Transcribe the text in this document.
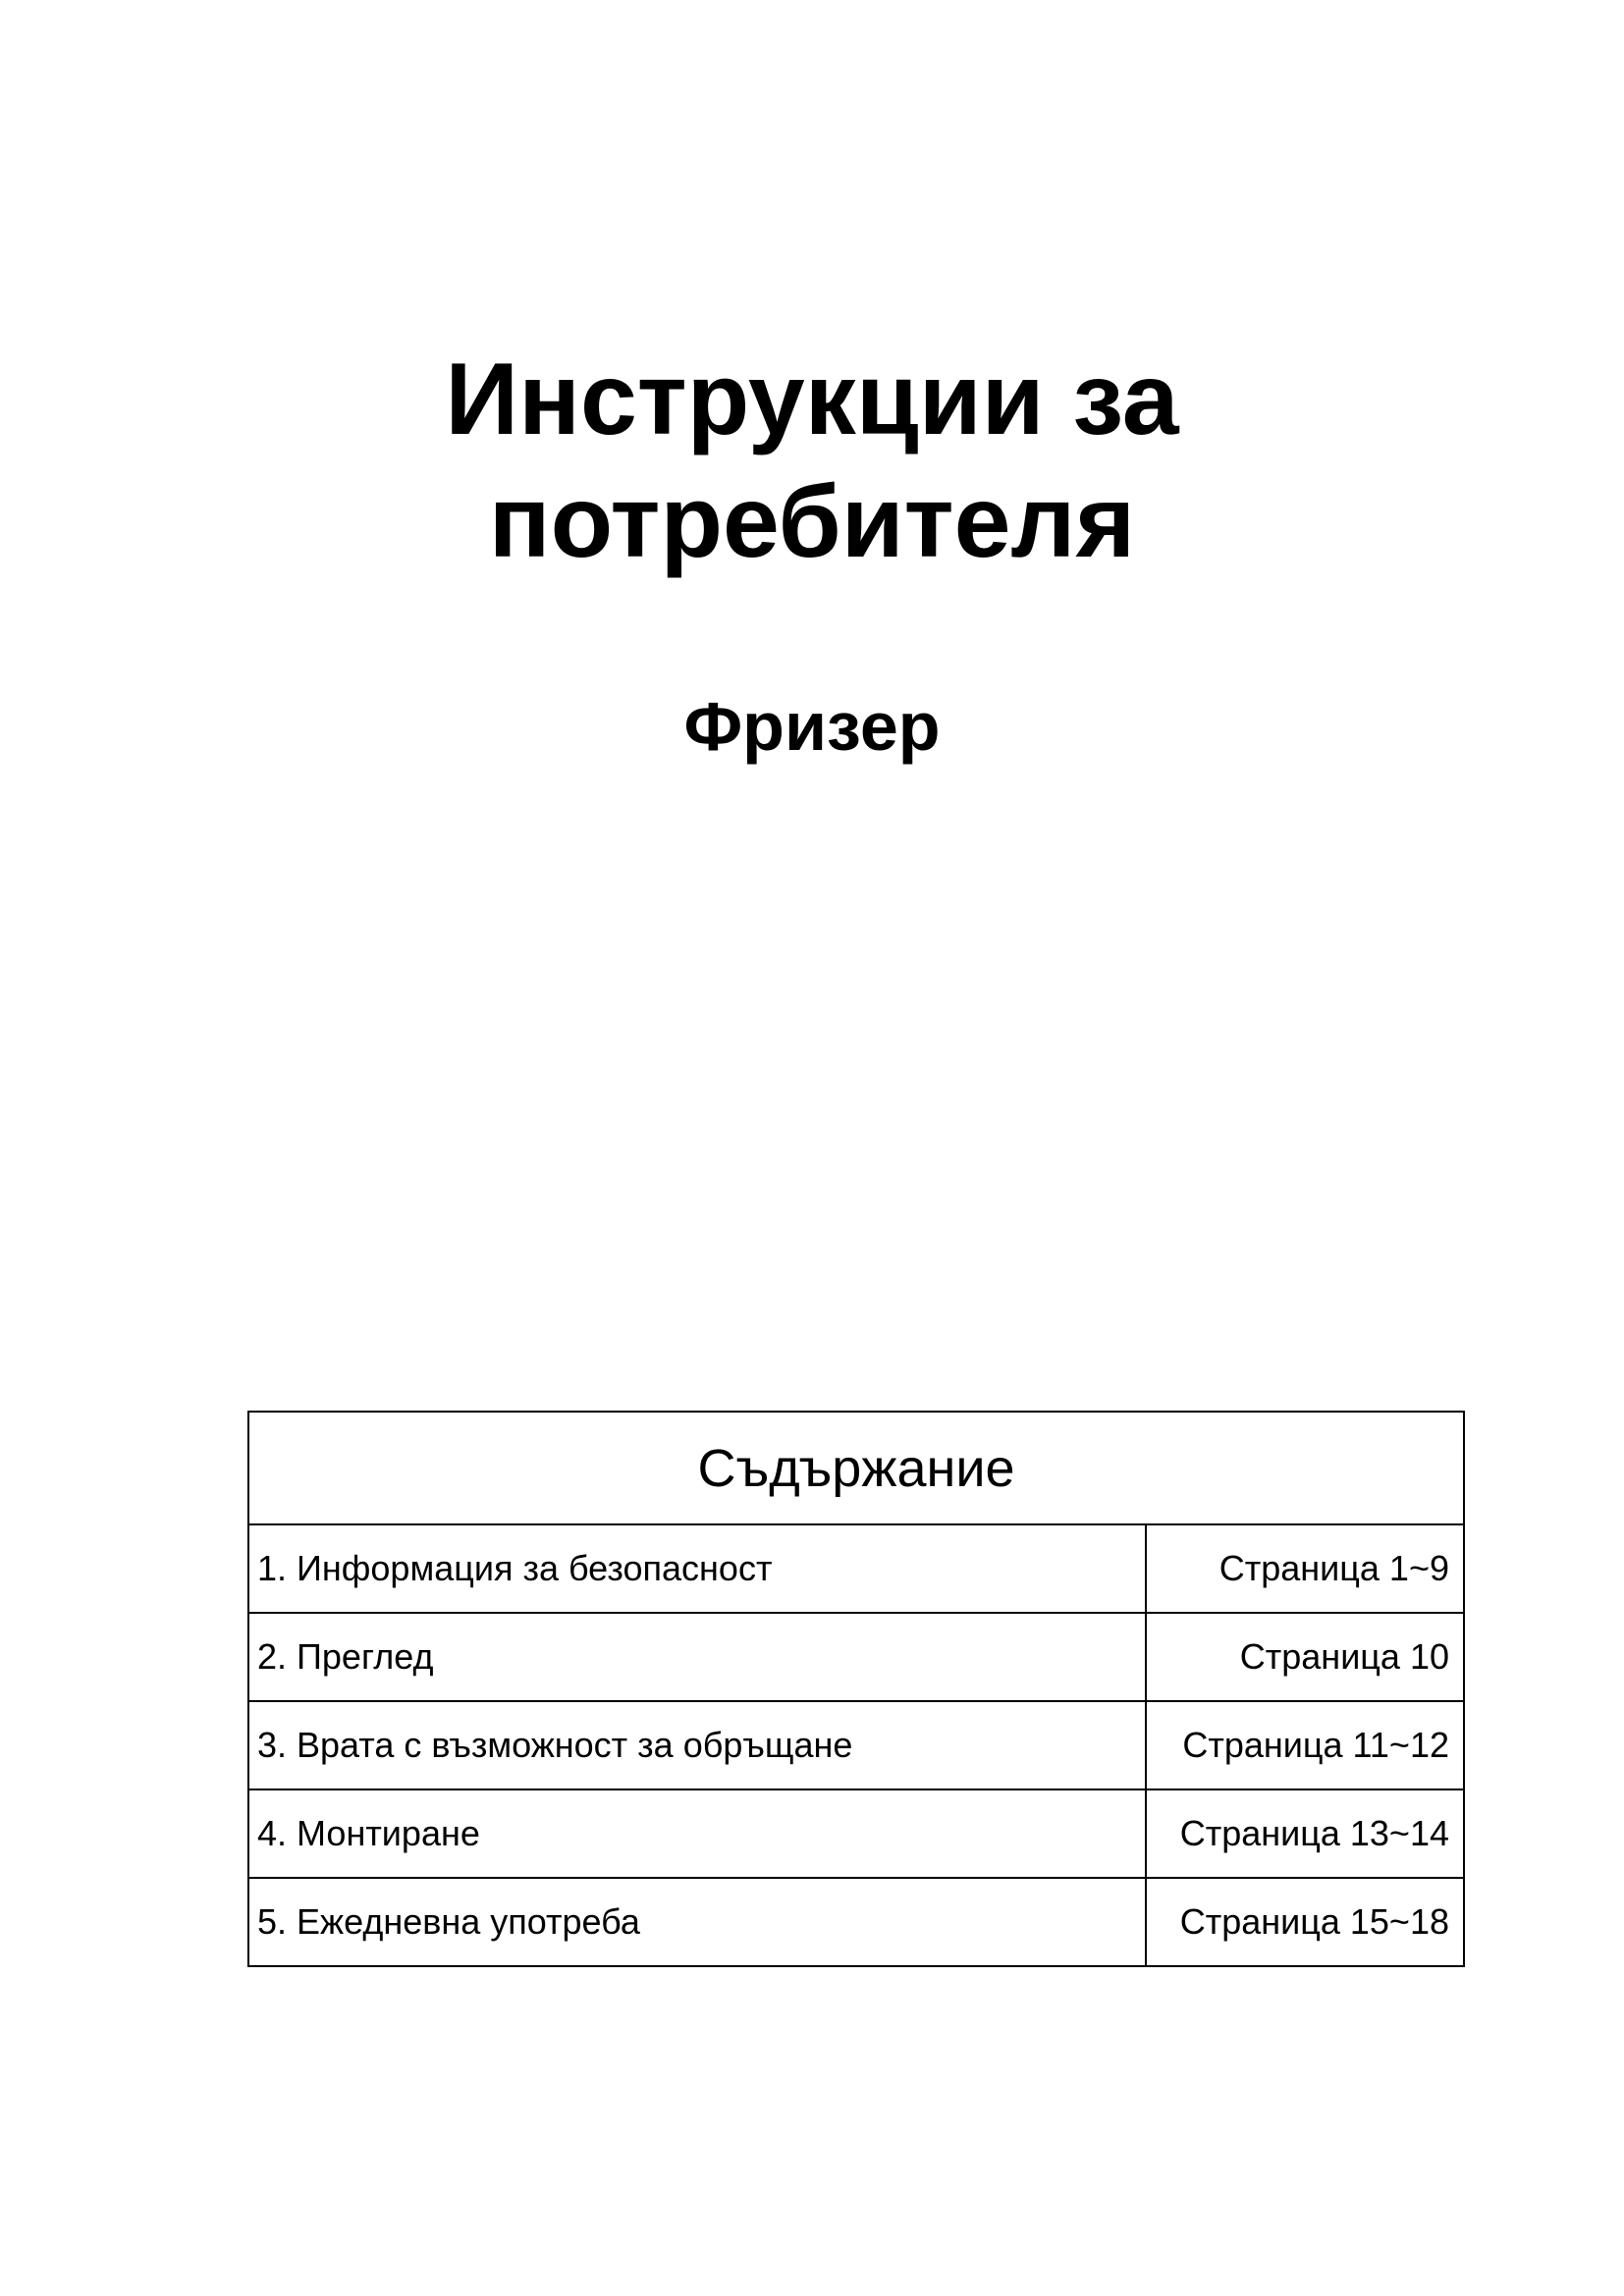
Инструкции за
потребителя
Фризер
Съдържание	
1. Информация за безопасност	Страница 1~9
2. Преглед	Страница 10
3. Врата с възможност за обръщане	Страница 11~12
4. Монтиране	Страница 13~14
5. Ежедневна употреба	Страница 15~18
